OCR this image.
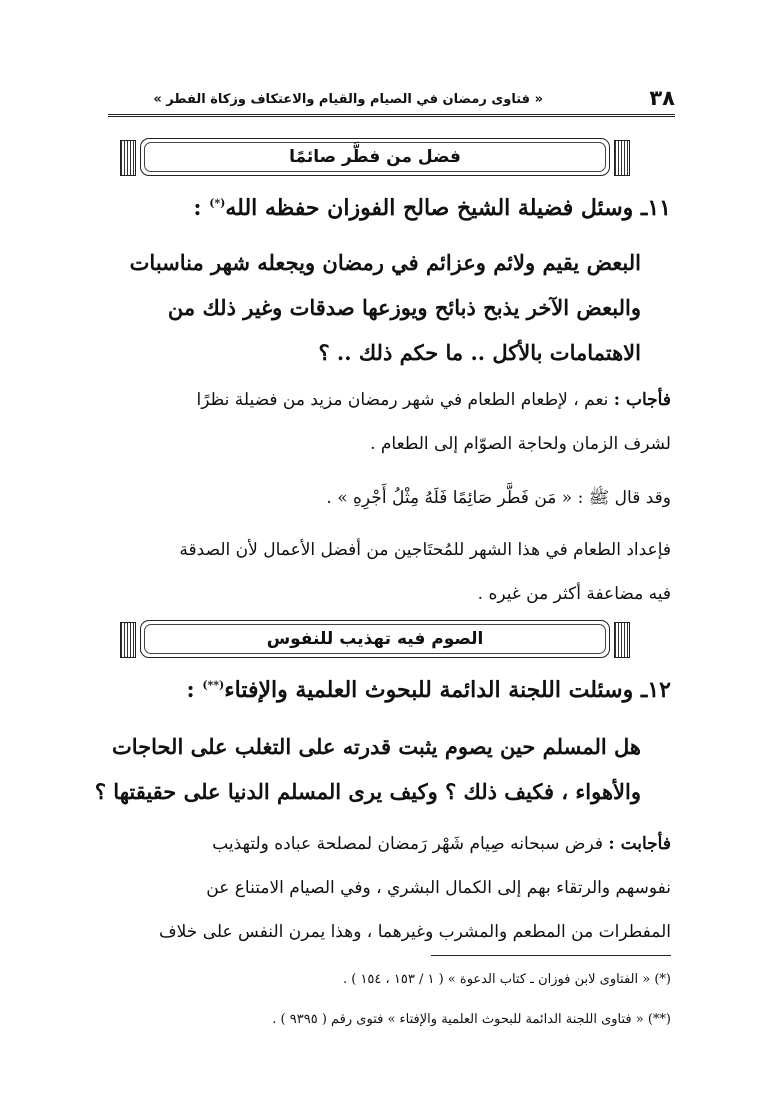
٣٨
« فتاوى رمضان في الصيام والقيام والاعتكاف وزكاة الفطر »
فضل من فطَّر صائمًا
١١ـ وسئل فضيلة الشيخ صالح الفوزان حفظه الله(*) :
البعض يقيم ولائم وعزائم في رمضان ويجعله شهر مناسبات
والبعض الآخر يذبح ذبائح ويوزعها صدقات وغير ذلك من
الاهتمامات بالأكل .. ما حكم ذلك .. ؟
فأجاب : نعم ، لإطعام الطعام في شهر رمضان مزيد من فضيلة نظرًا
لشرف الزمان ولحاجة الصوّام إلى الطعام .
وقد قال ﷺ : « مَن فَطَّر صَائِمًا فَلَهُ مِثْلُ أَجْرِهِ » .
فإعداد الطعام في هذا الشهر للمُحتَاجين من أفضل الأعمال لأن الصدقة
فيه مضاعفة أكثر من غيره .
الصوم فيه تهذيب للنفوس
١٢ـ وسئلت اللجنة الدائمة للبحوث العلمية والإفتاء(**) :
هل المسلم حين يصوم يثبت قدرته على التغلب على الحاجات
والأهواء ، فكيف ذلك ؟ وكيف يرى المسلم الدنيا على حقيقتها ؟
فأجابت : فرض سبحانه صِيام شَهْر رَمضان لمصلحة عباده ولتهذيب
نفوسهم والرتقاء بهم إلى الكمال البشري ، وفي الصيام الامتناع عن
المفطرات من المطعم والمشرب وغيرهما ، وهذا يمرن النفس على خلاف
(*) « الفتاوى لابن فوزان ـ كتاب الدعوة » ( ١ / ١٥٣ ، ١٥٤ ) .
(**) « فتاوى اللجنة الدائمة للبحوث العلمية والإفتاء » فتوى رقم ( ٩٣٩٥ ) .
